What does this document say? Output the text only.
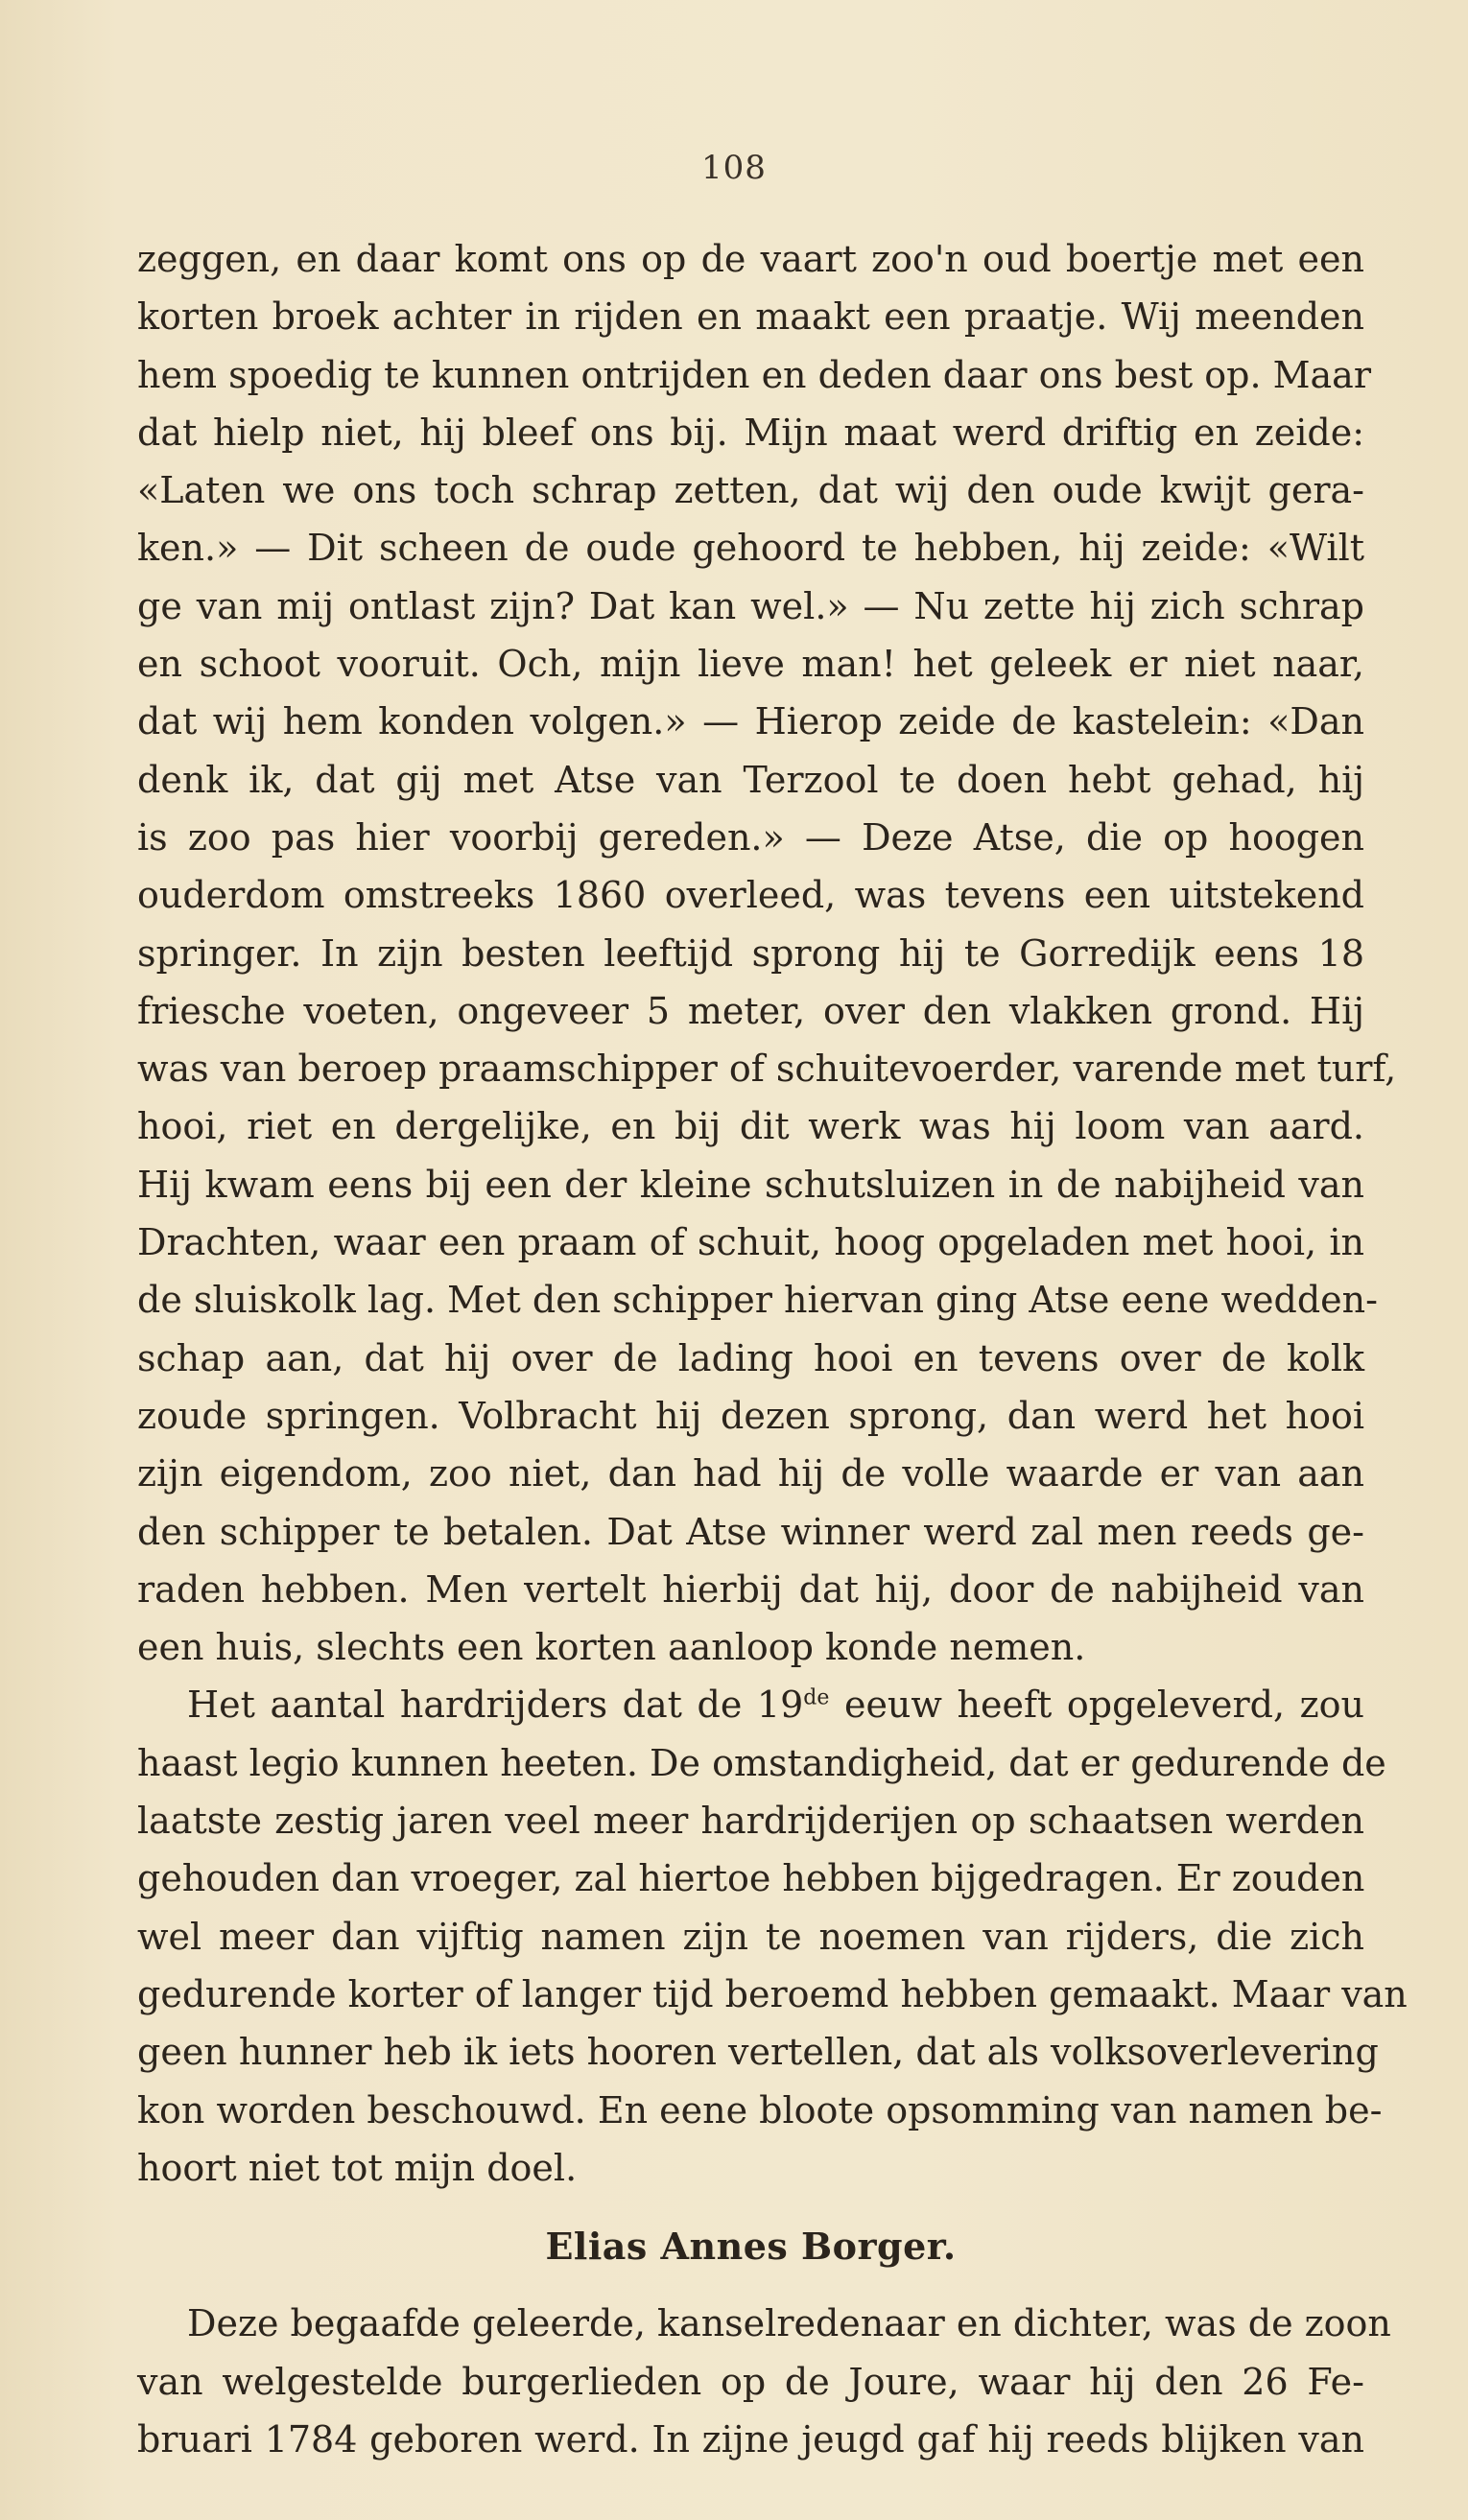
108

zeggen, en daar komt ons op de vaart zoo'n oud boertje met een
korten broek achter in rijden en maakt een praatje. Wij meenden
hem spoedig te kunnen ontrijden en deden daar ons best op. Maar
dat hielp niet, hij bleef ons bij. Mijn maat werd driftig en zeide:
«Laten we ons toch schrap zetten, dat wij den oude kwijt gera-
ken.» — Dit scheen de oude gehoord te hebben, hij zeide: «Wilt
ge van mij ontlast zijn? Dat kan wel.» — Nu zette hij zich schrap
en schoot vooruit. Och, mijn lieve man! het geleek er niet naar,
dat wij hem konden volgen.» — Hierop zeide de kastelein: «Dan
denk ik, dat gij met Atse van Terzool te doen hebt gehad, hij
is zoo pas hier voorbij gereden.» — Deze Atse, die op hoogen
ouderdom omstreeks 1860 overleed, was tevens een uitstekend
springer. In zijn besten leeftijd sprong hij te Gorredijk eens 18
friesche voeten, ongeveer 5 meter, over den vlakken grond. Hij
was van beroep praamschipper of schuitevoerder, varende met turf,
hooi, riet en dergelijke, en bij dit werk was hij loom van aard.
Hij kwam eens bij een der kleine schutsluizen in de nabijheid van
Drachten, waar een praam of schuit, hoog opgeladen met hooi, in
de sluiskolk lag. Met den schipper hiervan ging Atse eene wedden-
schap aan, dat hij over de lading hooi en tevens over de kolk
zoude springen. Volbracht hij dezen sprong, dan werd het hooi
zijn eigendom, zoo niet, dan had hij de volle waarde er van aan
den schipper te betalen. Dat Atse winner werd zal men reeds ge-
raden hebben. Men vertelt hierbij dat hij, door de nabijheid van
een huis, slechts een korten aanloop konde nemen.

Het aantal hardrijders dat de 19de eeuw heeft opgeleverd, zou
haast legio kunnen heeten. De omstandigheid, dat er gedurende de
laatste zestig jaren veel meer hardrijderijen op schaatsen werden
gehouden dan vroeger, zal hiertoe hebben bijgedragen. Er zouden
wel meer dan vijftig namen zijn te noemen van rijders, die zich
gedurende korter of langer tijd beroemd hebben gemaakt. Maar van
geen hunner heb ik iets hooren vertellen, dat als volksoverlevering
kon worden beschouwd. En eene bloote opsomming van namen be-
hoort niet tot mijn doel.

Elias Annes Borger.

Deze begaafde geleerde, kanselredenaar en dichter, was de zoon
van welgestelde burgerlieden op de Joure, waar hij den 26 Fe-
bruari 1784 geboren werd. In zijne jeugd gaf hij reeds blijken van
